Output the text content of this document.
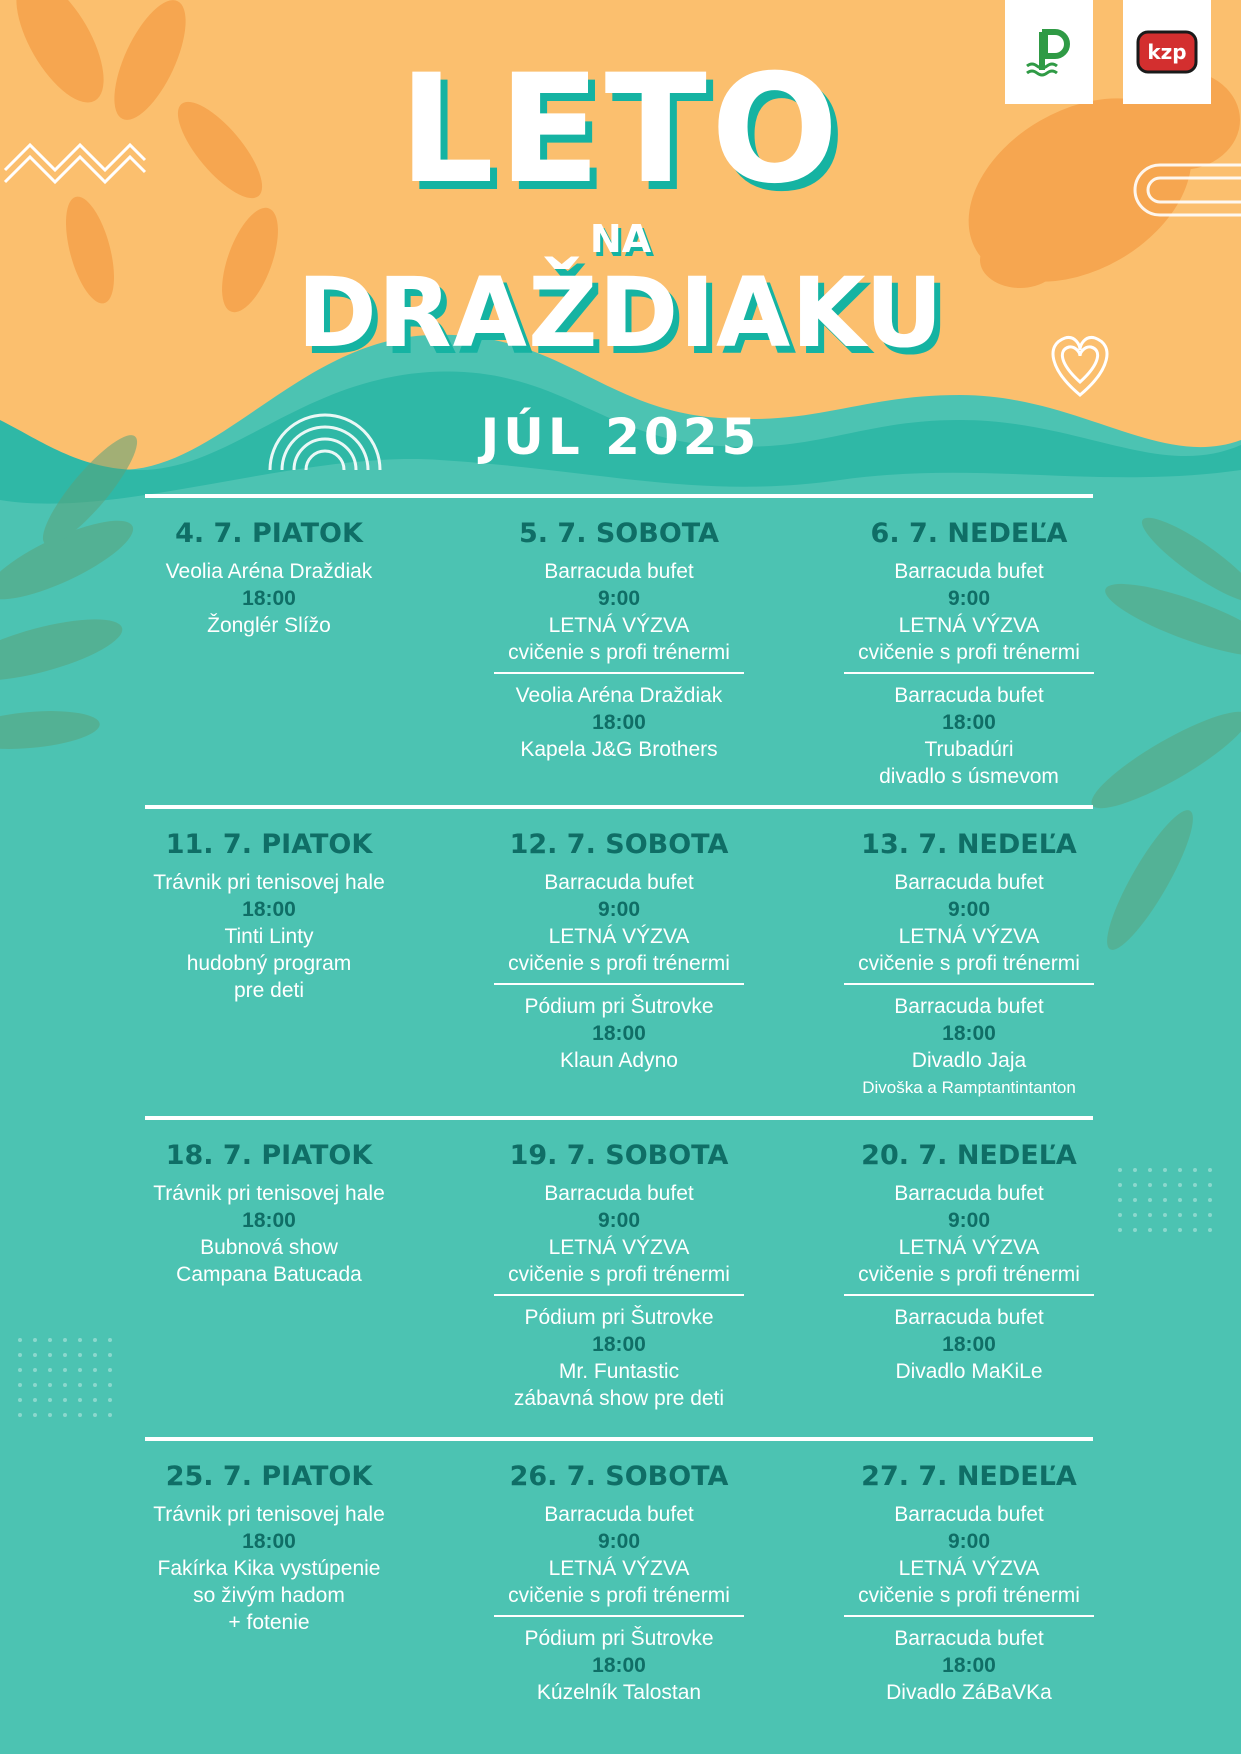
kzp
LETO
NA
DRAŽDIAKU
JÚL 2025
4. 7. PIATOK
Veolia Aréna Draždiak
18:00
Žonglér Slížo
5. 7. SOBOTA
Barracuda bufet
9:00
LETNÁ VÝZVA
cvičenie s profi trénermi
Veolia Aréna Draždiak
18:00
Kapela J&G Brothers
6. 7. NEDEĽA
Barracuda bufet
9:00
LETNÁ VÝZVA
cvičenie s profi trénermi
Barracuda bufet
18:00
Trubadúri
divadlo s úsmevom
11. 7. PIATOK
Trávnik pri tenisovej hale
18:00
Tinti Linty
hudobný program
pre deti
12. 7. SOBOTA
Barracuda bufet
9:00
LETNÁ VÝZVA
cvičenie s profi trénermi
Pódium pri Šutrovke
18:00
Klaun Adyno
13. 7. NEDEĽA
Barracuda bufet
9:00
LETNÁ VÝZVA
cvičenie s profi trénermi
Barracuda bufet
18:00
Divadlo Jaja
Divoška a Ramptantintanton
18. 7. PIATOK
Trávnik pri tenisovej hale
18:00
Bubnová show
Campana Batucada
19. 7. SOBOTA
Barracuda bufet
9:00
LETNÁ VÝZVA
cvičenie s profi trénermi
Pódium pri Šutrovke
18:00
Mr. Funtastic
zábavná show pre deti
20. 7. NEDEĽA
Barracuda bufet
9:00
LETNÁ VÝZVA
cvičenie s profi trénermi
Barracuda bufet
18:00
Divadlo MaKiLe
25. 7. PIATOK
Trávnik pri tenisovej hale
18:00
Fakírka Kika vystúpenie
so živým hadom
+ fotenie
26. 7. SOBOTA
Barracuda bufet
9:00
LETNÁ VÝZVA
cvičenie s profi trénermi
Pódium pri Šutrovke
18:00
Kúzelník Talostan
27. 7. NEDEĽA
Barracuda bufet
9:00
LETNÁ VÝZVA
cvičenie s profi trénermi
Barracuda bufet
18:00
Divadlo ZáBaVKa
